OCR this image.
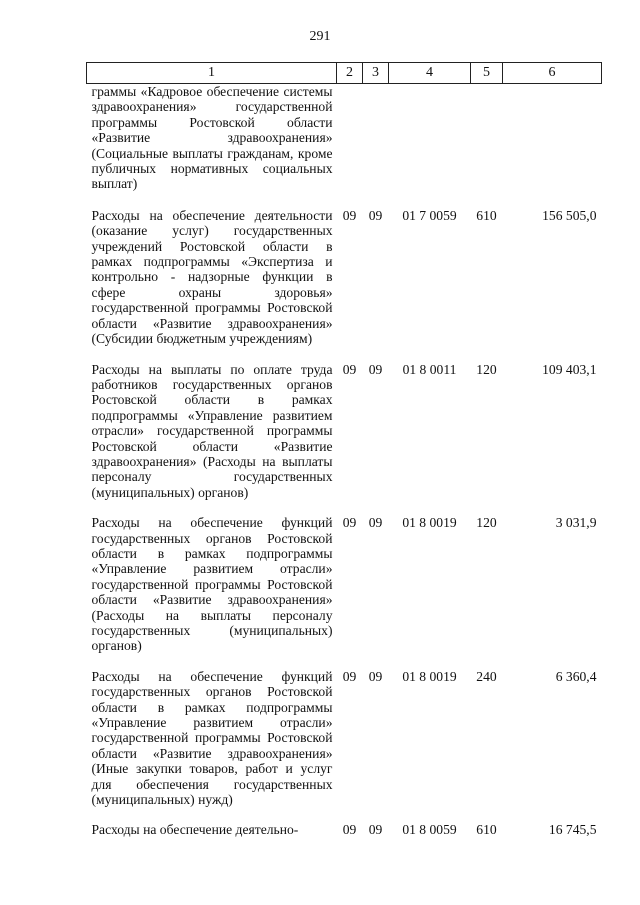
291
1	2	3	4	5	6
граммы «Кадровое обеспечение системы здравоохранения» государственной программы Ростовской области «Развитие здравоохранения» (Социальные выплаты гражданам, кроме публичных нормативных социальных выплат)					
Расходы на обеспечение деятельности (оказание услуг) государственных учреждений Ростовской области в рамках подпрограммы «Экспертиза и контрольно - надзорные функции в сфере охраны здоровья» государственной программы Ростовской области «Развитие здравоохранения» (Субсидии бюджетным учреждениям)	09	09	01 7 0059	610	156 505,0
Расходы на выплаты по оплате труда работников государственных органов Ростовской области в рамках подпрограммы «Управление развитием отрасли» государственной программы Ростовской области «Развитие здравоохранения» (Расходы на выплаты персоналу государственных (муниципальных) органов)	09	09	01 8 0011	120	109 403,1
Расходы на обеспечение функций государственных органов Ростовской области в рамках подпрограммы «Управление развитием отрасли» государственной программы Ростовской области «Развитие здравоохранения» (Расходы на выплаты персоналу государственных (муниципальных) органов)	09	09	01 8 0019	120	3 031,9
Расходы на обеспечение функций государственных органов Ростовской области в рамках подпрограммы «Управление развитием отрасли» государственной программы Ростовской области «Развитие здравоохранения» (Иные закупки товаров, работ и услуг для обеспечения государственных (муниципальных) нужд)	09	09	01 8 0019	240	6 360,4
Расходы на обеспечение деятельно-	09	09	01 8 0059	610	16 745,5
